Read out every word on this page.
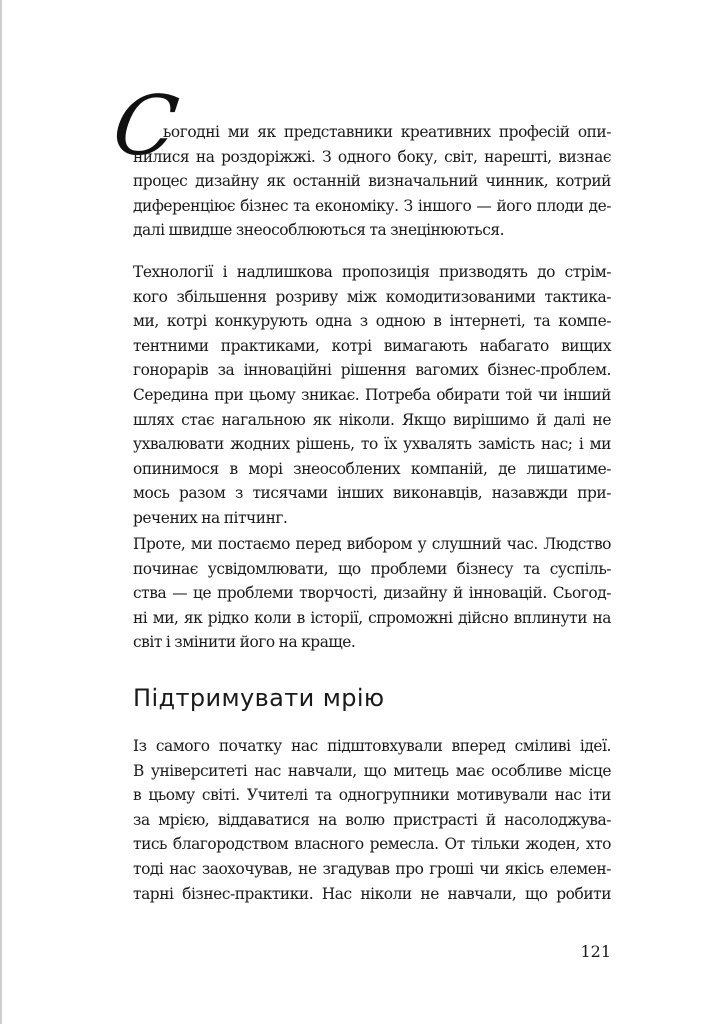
С
ьогодні ми як представники креативних професій опи-
нилися на роздоріжжі. З одного боку, світ, нарешті, визнає
процес дизайну як останній визначальний чинник, котрий
диференціює бізнес та економіку. З іншого — його плоди де-
далі швидше знеособлюються та знецінюються.
Технології і надлишкова пропозиція призводять до стрім-
кого збільшення розриву між комодитизованими тактика-
ми, котрі конкурують одна з одною в інтернеті, та компе-
тентними практиками, котрі вимагають набагато вищих
гонорарів за інноваційні рішення вагомих бізнес-проблем.
Середина при цьому зникає. Потреба обирати той чи інший
шлях стає нагальною як ніколи. Якщо вирішимо й далі не
ухвалювати жодних рішень, то їх ухвалять замість нас; і ми
опинимося в морі знеособлених компаній, де лишатиме-
мось разом з тисячами інших виконавців, назавжди при-
речених на пітчинг.
Проте, ми постаємо перед вибором у слушний час. Людство
починає усвідомлювати, що проблеми бізнесу та суспіль-
ства — це проблеми творчості, дизайну й інновацій. Сьогод-
ні ми, як рідко коли в історії, спроможні дійсно вплинути на
світ і змінити його на краще.
Підтримувати мрію
Із самого початку нас підштовхували вперед сміливі ідеї.
В університеті нас навчали, що митець має особливе місце
в цьому світі. Учителі та одногрупники мотивували нас іти
за мрією, віддаватися на волю пристрасті й насолоджува-
тись благородством власного ремесла. От тільки жоден, хто
тоді нас заохочував, не згадував про гроші чи якісь елемен-
тарні бізнес-практики. Нас ніколи не навчали, що робити
121
